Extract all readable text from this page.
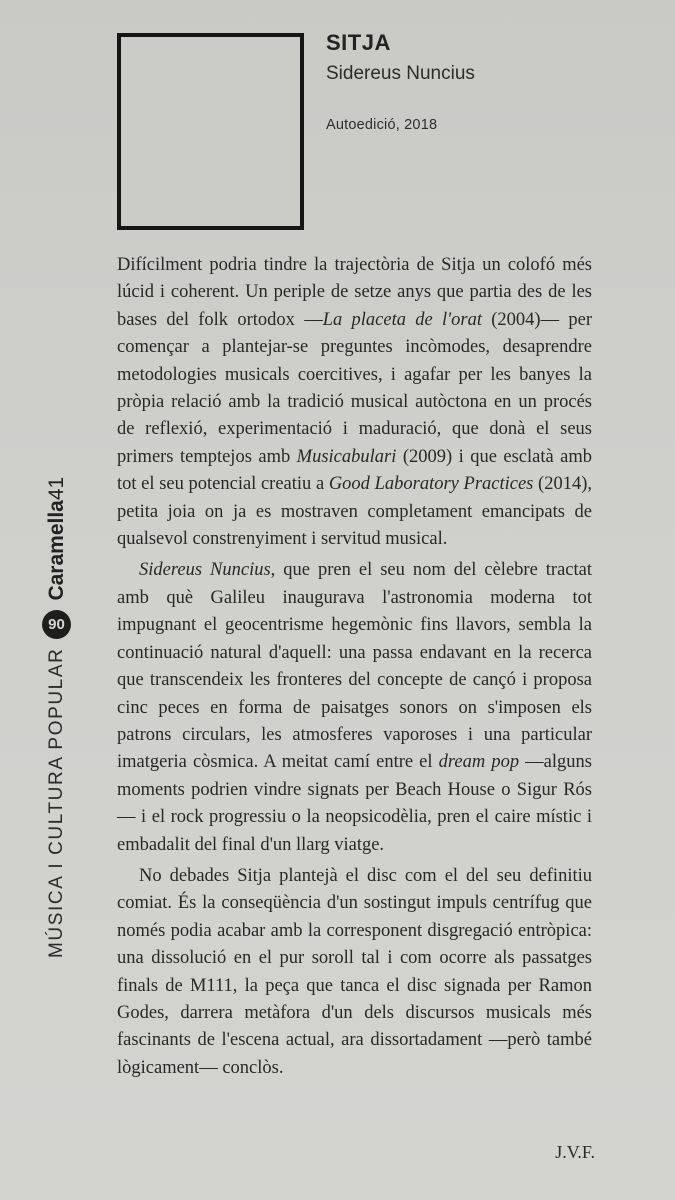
SITJA
Sidereus Nuncius
Autoedició, 2018

Difícilment podria tindre la trajectòria de Sitja un colofó més lúcid i coherent. Un periple de setze anys que partia des de les bases del folk ortodox —La placeta de l'orat (2004)— per començar a plantejar-se preguntes incòmodes, desaprendre metodologies musicals coercitives, i agafar per les banyes la pròpia relació amb la tradició musical autòctona en un procés de reflexió, experimentació i maduració, que donà el seus primers temptejos amb Musicabulari (2009) i que esclatà amb tot el seu potencial creatiu a Good Laboratory Practices (2014), petita joia on ja es mostraven completament emancipats de qualsevol constrenyiment i servitud musical.

Sidereus Nuncius, que pren el seu nom del cèlebre tractat amb què Galileu inaugurava l'astronomia moderna tot impugnant el geocentrisme hegemònic fins llavors, sembla la continuació natural d'aquell: una passa endavant en la recerca que transcendeix les fronteres del concepte de cançó i proposa cinc peces en forma de paisatges sonors on s'imposen els patrons circulars, les atmosferes vaporoses i una particular imatgeria còsmica. A meitat camí entre el dream pop —alguns moments podrien vindre signats per Beach House o Sigur Rós— i el rock progressiu o la neopsicodèlia, pren el caire místic i embadalit del final d'un llarg viatge.

No debades Sitja plantejà el disc com el del seu definitiu comiat. És la conseqüència d'un sostingut impuls centrífug que només podia acabar amb la corresponent disgregació entròpica: una dissolució en el pur soroll tal i com ocorre als passatges finals de M111, la peça que tanca el disc signada per Ramon Godes, darrera metàfora d'un dels discursos musicals més fascinants de l'escena actual, ara dissortadament —però també lògicament— conclòs.

J.V.F.
MÚSICA I CULTURA POPULAR
90
Caramella41
